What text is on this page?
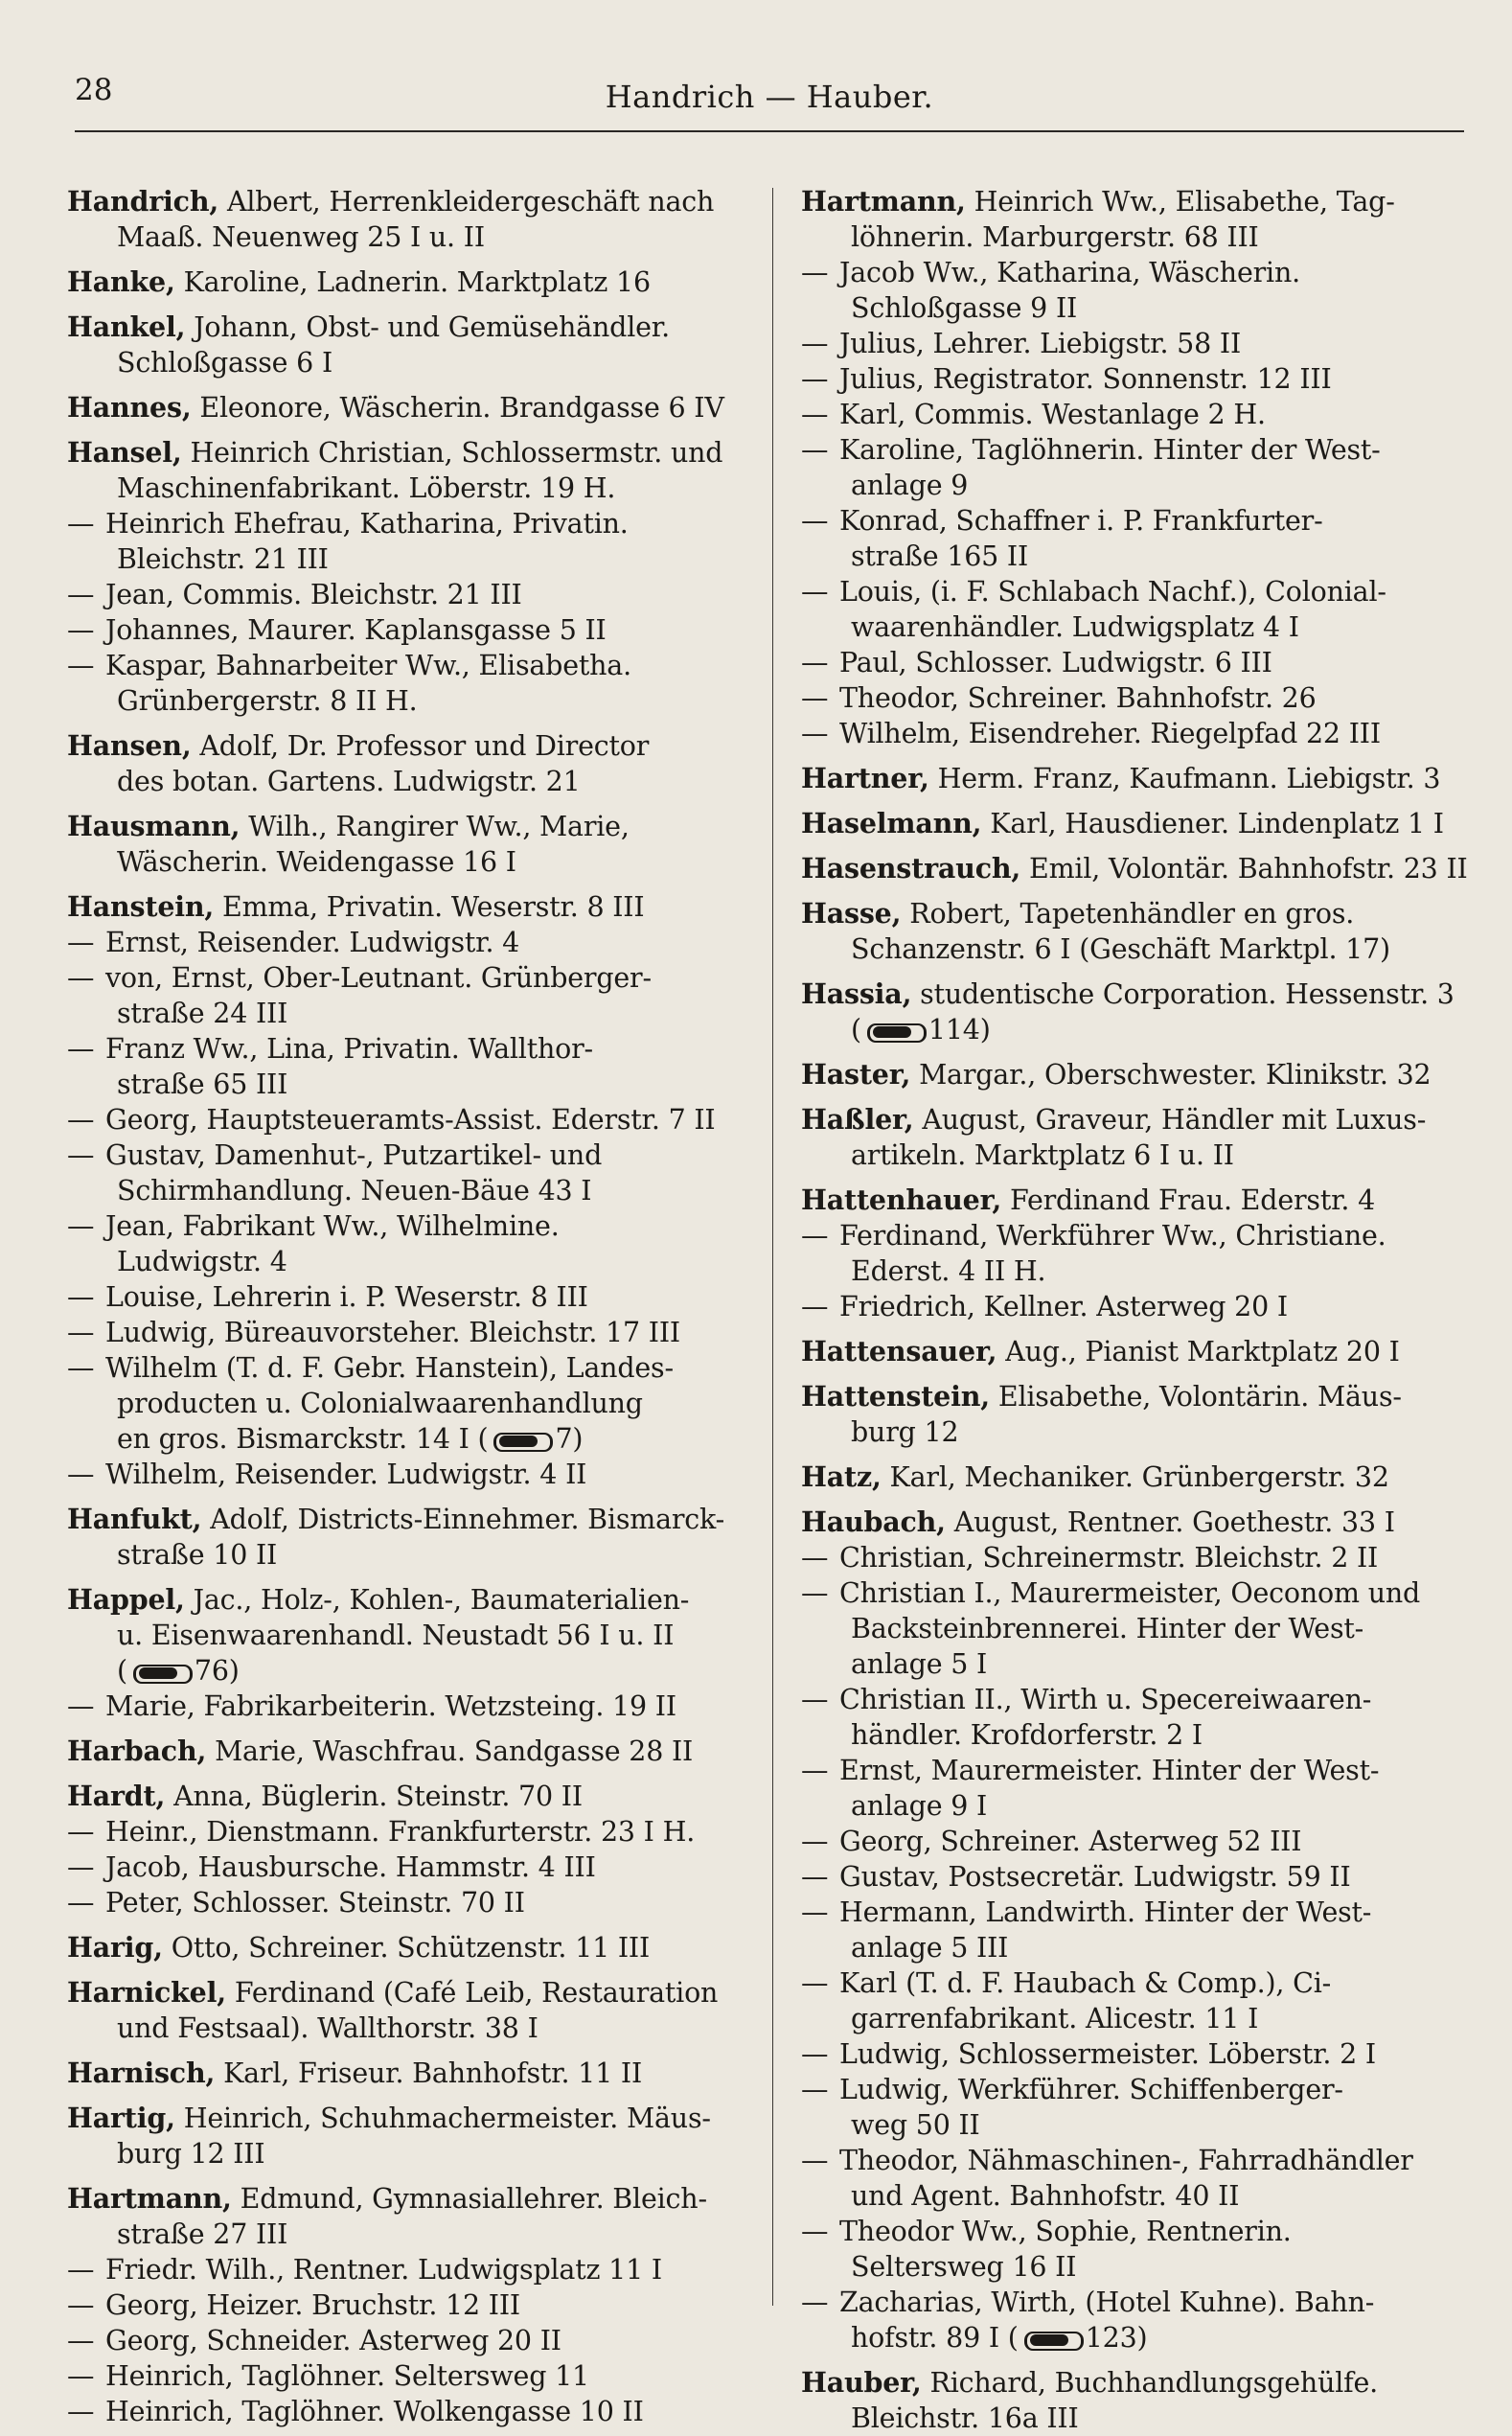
28	Handrich — Hauber.
Handrich, Albert, Herrenkleidergeschäft nach
Maaß. Neuenweg 25 I u. II
Hanke, Karoline, Ladnerin. Marktplatz 16
Hankel, Johann, Obst- und Gemüsehändler.
Schloßgasse 6 I
Hannes, Eleonore, Wäscherin. Brandgasse 6 IV
Hansel, Heinrich Christian, Schlossermstr. und
Maschinenfabrikant. Löberstr. 19 H.
— Heinrich Ehefrau, Katharina, Privatin.
Bleichstr. 21 III
— Jean, Commis. Bleichstr. 21 III
— Johannes, Maurer. Kaplansgasse 5 II
— Kaspar, Bahnarbeiter Ww., Elisabetha.
Grünbergerstr. 8 II H.
Hansen, Adolf, Dr. Professor und Director
des botan. Gartens. Ludwigstr. 21
Hausmann, Wilh., Rangirer Ww., Marie,
Wäscherin. Weidengasse 16 I
Hanstein, Emma, Privatin. Weserstr. 8 III
— Ernst, Reisender. Ludwigstr. 4
— von, Ernst, Ober-Leutnant. Grünberger-
straße 24 III
— Franz Ww., Lina, Privatin. Wallthor-
straße 65 III
— Georg, Hauptsteueramts-Assist. Ederstr. 7 II
— Gustav, Damenhut-, Putzartikel- und
Schirmhandlung. Neuen-Bäue 43 I
— Jean, Fabrikant Ww., Wilhelmine.
Ludwigstr. 4
— Louise, Lehrerin i. P. Weserstr. 8 III
— Ludwig, Büreauvorsteher. Bleichstr. 17 III
— Wilhelm (T. d. F. Gebr. Hanstein), Landes-
producten u. Colonialwaarenhandlung
en gros. Bismarckstr. 14 I ( 7)
— Wilhelm, Reisender. Ludwigstr. 4 II
Hanfukt, Adolf, Districts-Einnehmer. Bismarck-
straße 10 II
Happel, Jac., Holz-, Kohlen-, Baumaterialien-
u. Eisenwaarenhandl. Neustadt 56 I u. II
( 76)
— Marie, Fabrikarbeiterin. Wetzsteing. 19 II
Harbach, Marie, Waschfrau. Sandgasse 28 II
Hardt, Anna, Büglerin. Steinstr. 70 II
— Heinr., Dienstmann. Frankfurterstr. 23 I H.
— Jacob, Hausbursche. Hammstr. 4 III
— Peter, Schlosser. Steinstr. 70 II
Harig, Otto, Schreiner. Schützenstr. 11 III
Harnickel, Ferdinand (Café Leib, Restauration
und Festsaal). Wallthorstr. 38 I
Harnisch, Karl, Friseur. Bahnhofstr. 11 II
Hartig, Heinrich, Schuhmachermeister. Mäus-
burg 12 III
Hartmann, Edmund, Gymnasiallehrer. Bleich-
straße 27 III
— Friedr. Wilh., Rentner. Ludwigsplatz 11 I
— Georg, Heizer. Bruchstr. 12 III
— Georg, Schneider. Asterweg 20 II
— Heinrich, Taglöhner. Seltersweg 11
— Heinrich, Taglöhner. Wolkengasse 10 II
Hartmann, Heinrich Ww., Elisabethe, Tag-
löhnerin. Marburgerstr. 68 III
— Jacob Ww., Katharina, Wäscherin.
Schloßgasse 9 II
— Julius, Lehrer. Liebigstr. 58 II
— Julius, Registrator. Sonnenstr. 12 III
— Karl, Commis. Westanlage 2 H.
— Karoline, Taglöhnerin. Hinter der West-
anlage 9
— Konrad, Schaffner i. P. Frankfurter-
straße 165 II
— Louis, (i. F. Schlabach Nachf.), Colonial-
waarenhändler. Ludwigsplatz 4 I
— Paul, Schlosser. Ludwigstr. 6 III
— Theodor, Schreiner. Bahnhofstr. 26
— Wilhelm, Eisendreher. Riegelpfad 22 III
Hartner, Herm. Franz, Kaufmann. Liebigstr. 3
Haselmann, Karl, Hausdiener. Lindenplatz 1 I
Hasenstrauch, Emil, Volontär. Bahnhofstr. 23 II
Hasse, Robert, Tapetenhändler en gros.
Schanzenstr. 6 I (Geschäft Marktpl. 17)
Hassia, studentische Corporation. Hessenstr. 3
( 114)
Haster, Margar., Oberschwester. Klinikstr. 32
Haßler, August, Graveur, Händler mit Luxus-
artikeln. Marktplatz 6 I u. II
Hattenhauer, Ferdinand Frau. Ederstr. 4
— Ferdinand, Werkführer Ww., Christiane.
Ederst. 4 II H.
— Friedrich, Kellner. Asterweg 20 I
Hattensauer, Aug., Pianist Marktplatz 20 I
Hattenstein, Elisabethe, Volontärin. Mäus-
burg 12
Hatz, Karl, Mechaniker. Grünbergerstr. 32
Haubach, August, Rentner. Goethestr. 33 I
— Christian, Schreinermstr. Bleichstr. 2 II
— Christian I., Maurermeister, Oeconom und
Backsteinbrennerei. Hinter der West-
anlage 5 I
— Christian II., Wirth u. Specereiwaaren-
händler. Krofdorferstr. 2 I
— Ernst, Maurermeister. Hinter der West-
anlage 9 I
— Georg, Schreiner. Asterweg 52 III
— Gustav, Postsecretär. Ludwigstr. 59 II
— Hermann, Landwirth. Hinter der West-
anlage 5 III
— Karl (T. d. F. Haubach & Comp.), Ci-
garrenfabrikant. Alicestr. 11 I
— Ludwig, Schlossermeister. Löberstr. 2 I
— Ludwig, Werkführer. Schiffenberger-
weg 50 II
— Theodor, Nähmaschinen-, Fahrradhändler
und Agent. Bahnhofstr. 40 II
— Theodor Ww., Sophie, Rentnerin.
Seltersweg 16 II
— Zacharias, Wirth, (Hotel Kuhne). Bahn-
hofstr. 89 I ( 123)
Hauber, Richard, Buchhandlungsgehülfe.
Bleichstr. 16a III
